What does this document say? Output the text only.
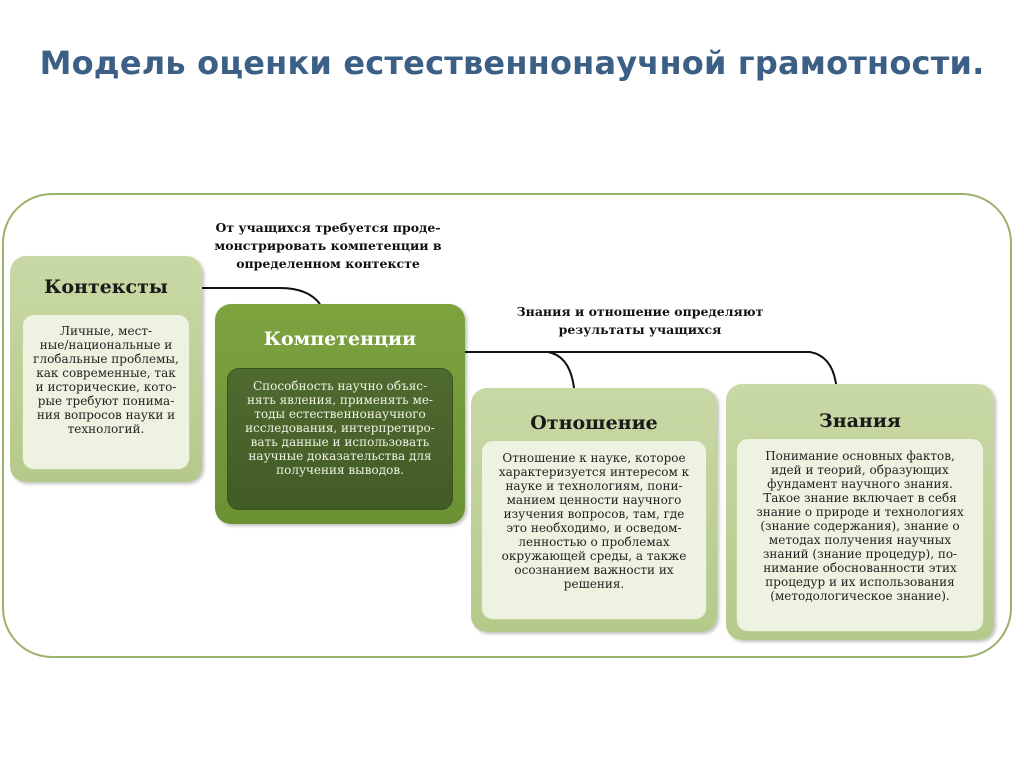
Модель оценки естественнонаучной грамотности.
От учащихся требуется проде-
монстрировать компетенции в
определенном контексте
Знания и отношение определяют
результаты учащихся
Контексты
Личные, мест-
ные/национальные и
глобальные проблемы,
как современные, так
и исторические, кото-
рые требуют понима-
ния вопросов науки и
технологий.
Компетенции
Способность научно объяс-
нять явления, применять ме-
тоды естественнонаучного
исследования, интерпретиро-
вать данные и использовать
научные доказательства для
получения выводов.
Отношение
Отношение к науке, которое
характеризуется интересом к
науке и технологиям, пони-
манием ценности научного
изучения вопросов, там, где
это необходимо, и осведом-
ленностью о проблемах
окружающей среды, а также
осознанием важности их
решения.
Знания
Понимание основных фактов,
идей и теорий, образующих
фундамент научного знания.
Такое знание включает в себя
знание о природе и технологиях
(знание содержания), знание о
методах получения научных
знаний (знание процедур), по-
нимание обоснованности этих
процедур и их использования
(методологическое знание).
